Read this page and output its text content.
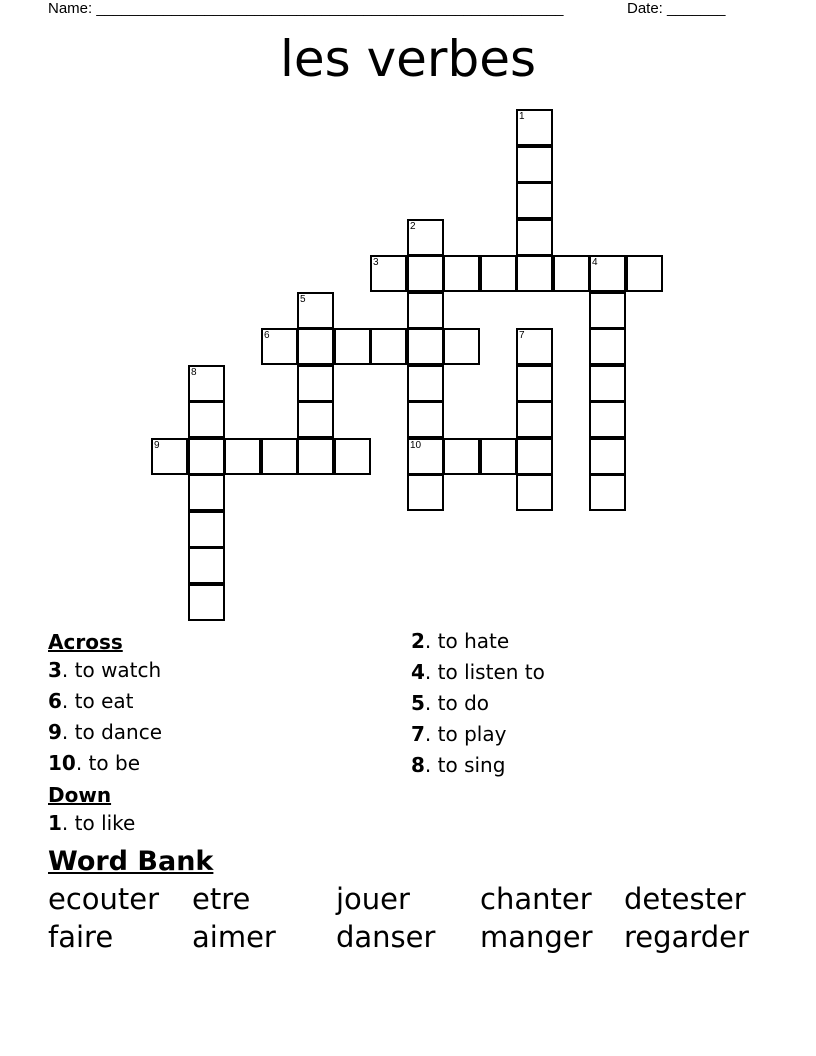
Name: ________________________________________________________	Date: _______
les verbes
1
2
3	4
5
6	7
8
9	10
Across
3. to watch
6. to eat
9. to dance
10. to be
Down
1. to like
2. to hate
4. to listen to
5. to do
7. to play
8. to sing
Word Bank
ecouter etre	jouer chanter detester
faire	aimer danser manger regarder
